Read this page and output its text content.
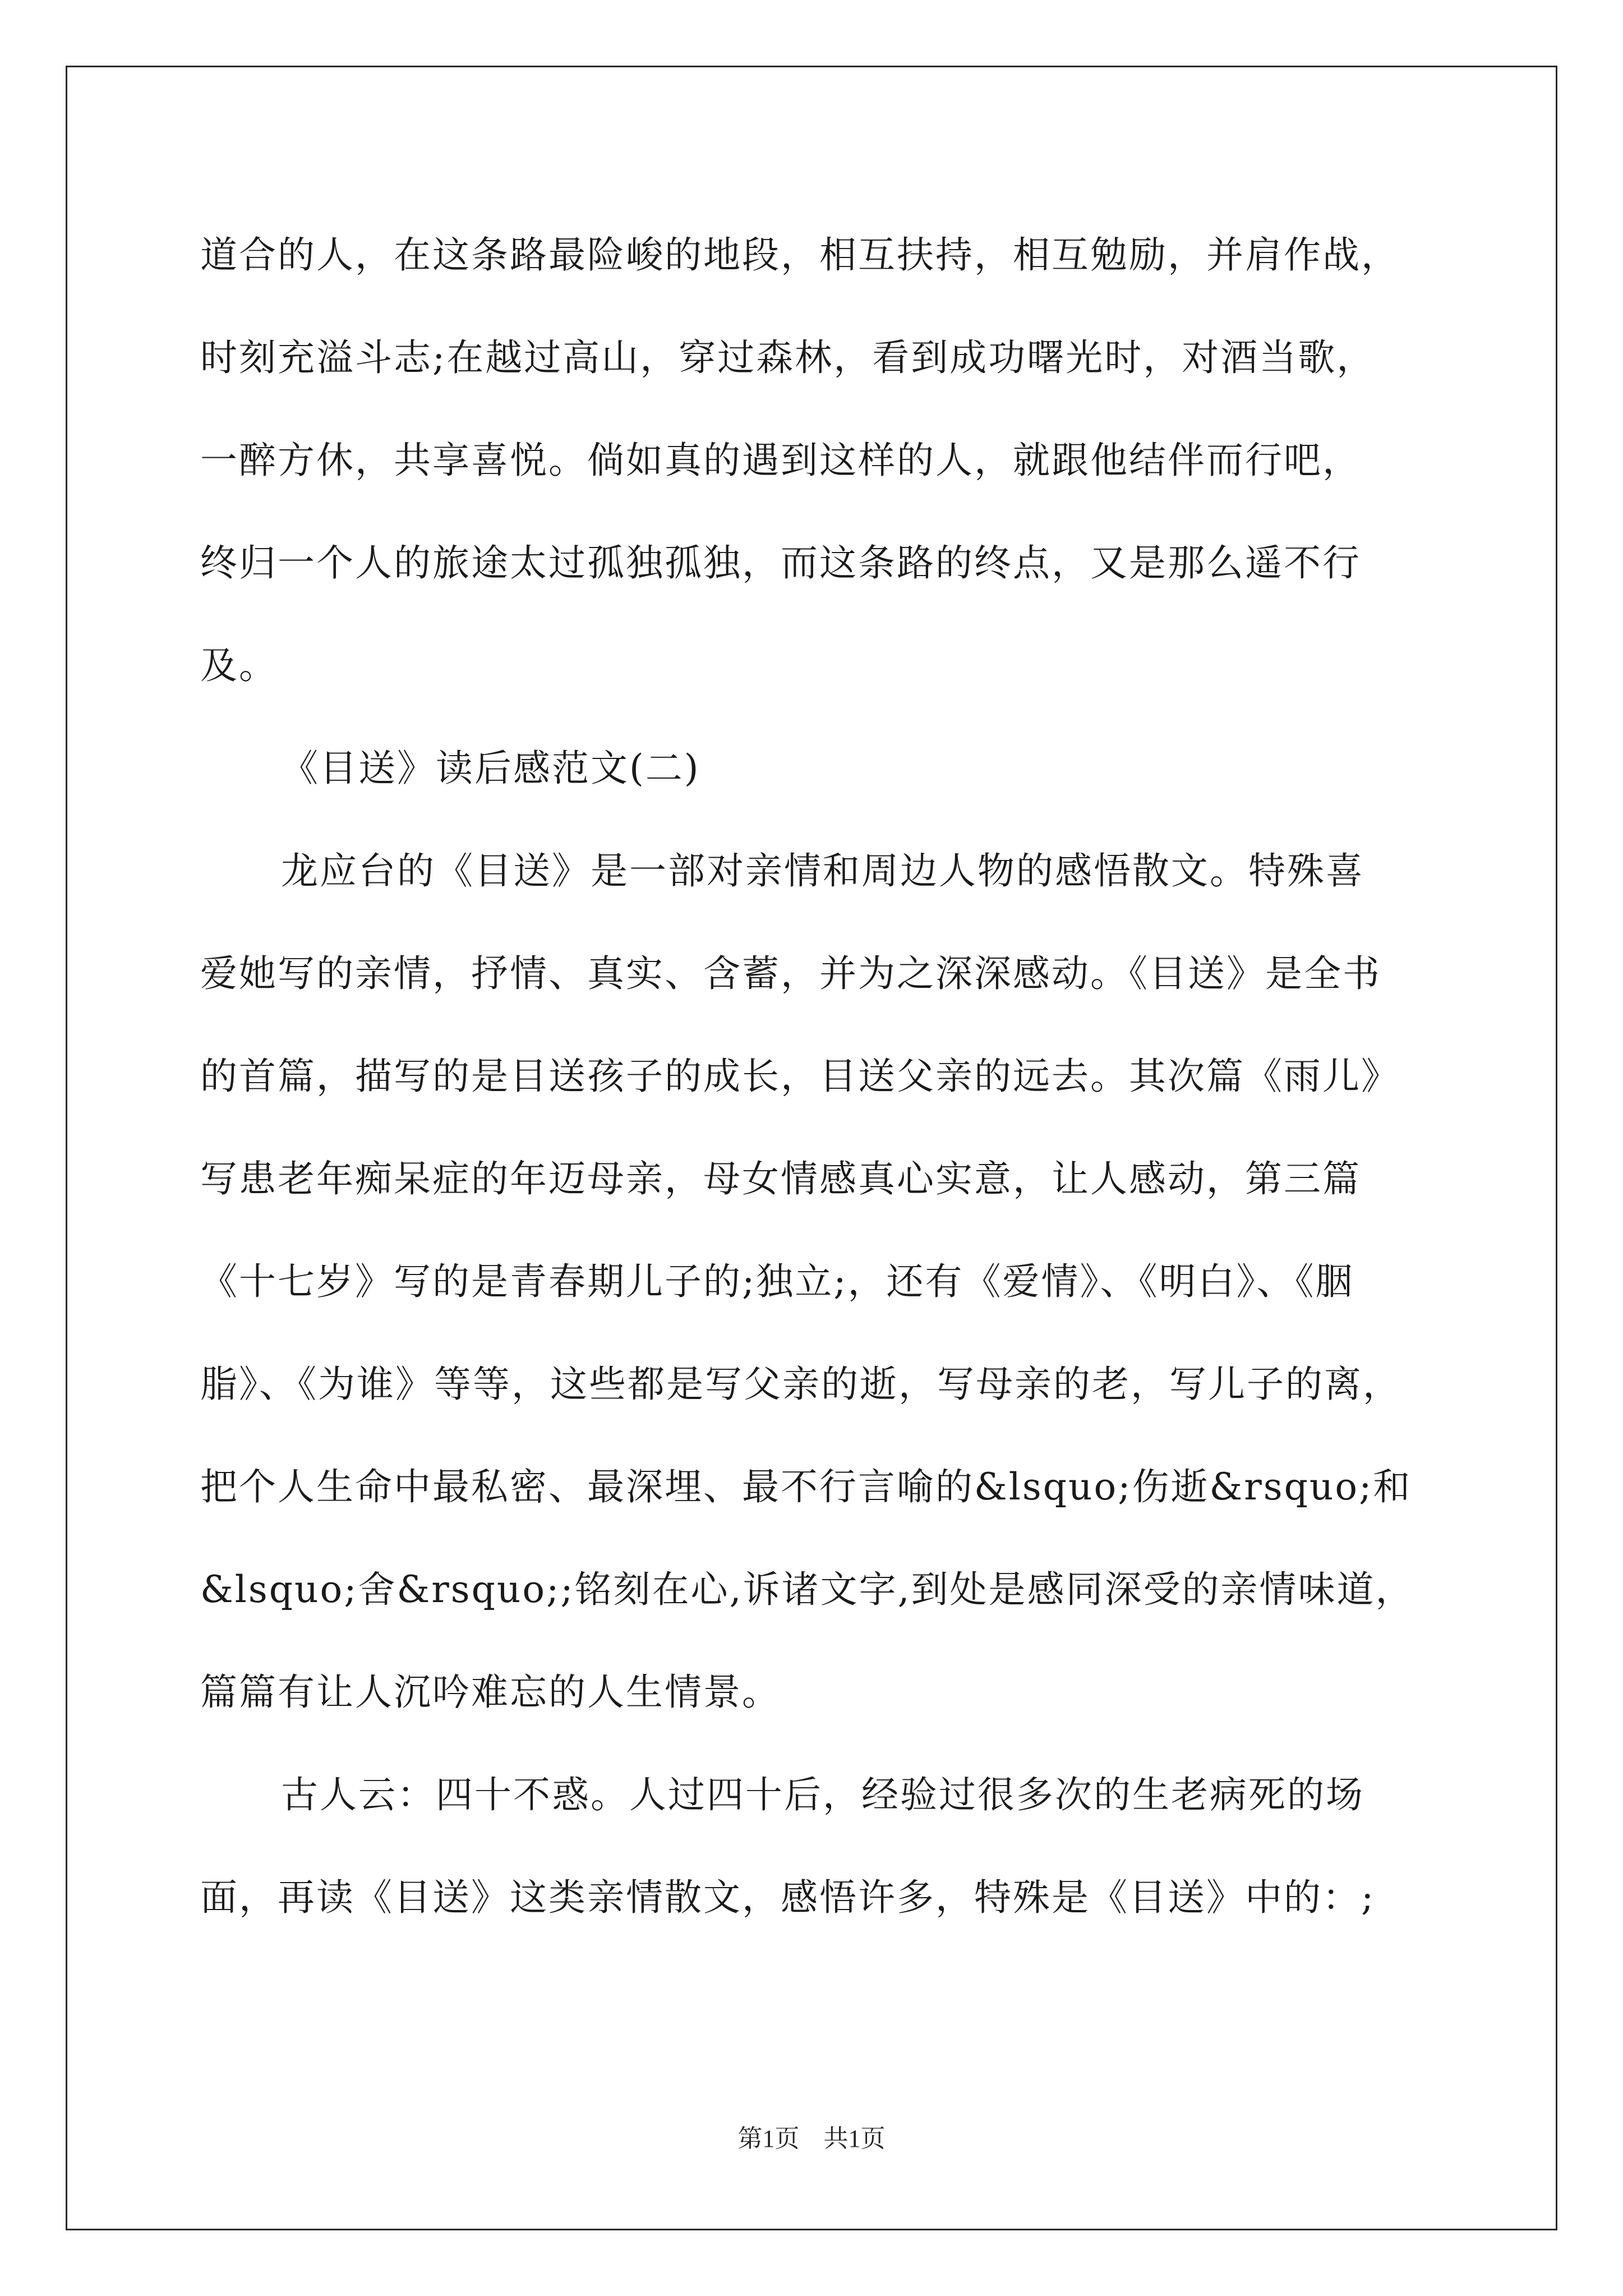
道合的人，在这条路最险峻的地段，相互扶持，相互勉励，并肩作战，
时刻充溢斗志;在越过高山，穿过森林，看到成功曙光时，对酒当歌，
一醉方休，共享喜悦。倘如真的遇到这样的人，就跟他结伴而行吧，
终归一个人的旅途太过孤独孤独，而这条路的终点，又是那么遥不行
及。
《目送》读后感范文(二)
龙应台的《目送》是一部对亲情和周边人物的感悟散文。特殊喜
爱她写的亲情，抒情、真实、含蓄，并为之深深感动。《目送》是全书
的首篇，描写的是目送孩子的成长，目送父亲的远去。其次篇《雨儿》
写患老年痴呆症的年迈母亲，母女情感真心实意，让人感动，第三篇
《十七岁》写的是青春期儿子的;独立;，还有《爱情》、《明白》、《胭
脂》、《为谁》等等，这些都是写父亲的逝，写母亲的老，写儿子的离，
把个人生命中最私密、最深埋、最不行言喻的&lsquo;伤逝&rsquo;和
&lsquo;舍&rsquo;;铭刻在心,诉诸文字,到处是感同深受的亲情味道，
篇篇有让人沉吟难忘的人生情景。
古人云：四十不惑。人过四十后，经验过很多次的生老病死的场
面，再读《目送》这类亲情散文，感悟许多，特殊是《目送》中的：;
第1页 共1页
